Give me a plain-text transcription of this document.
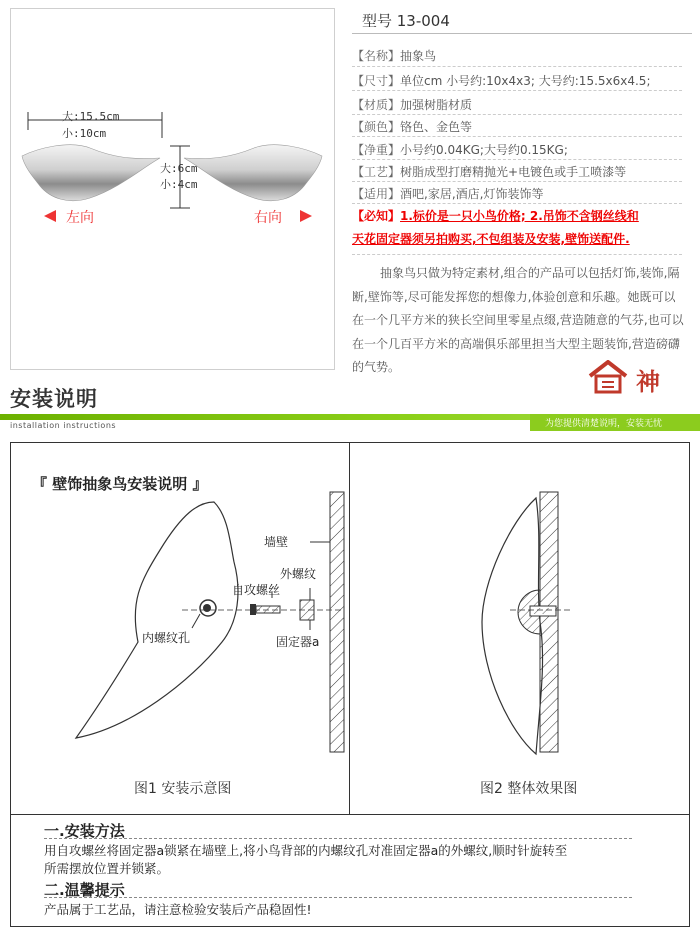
大:15.5cm
小:10cm
大:6cm
小:4cm
左向	右向
型号 13-004
【名称】抽象鸟
【尺寸】单位cm 小号约:10x4x3; 大号约:15.5x6x4.5;
【材质】加强树脂材质
【颜色】铬色、金色等
【净重】小号约0.04KG;大号约0.15KG;
【工艺】树脂成型打磨精抛光+电镀色或手工喷漆等
【适用】酒吧,家居,酒店,灯饰装饰等
【必知】1.标价是一只小鸟价格; 2.吊饰不含钢丝线和
天花固定器须另拍购买,不包组装及安装,壁饰送配件.
抽象鸟只做为特定素材,组合的产品可以包括灯饰,装饰,隔断,壁饰等,尽可能发挥您的想像力,体验创意和乐趣。她既可以在一个几平方米的狭长空间里零星点缀,营造随意的气芬,也可以在一个几百平方米的高端俱乐部里担当大型主题装饰,营造磅礴的气势。	神
安装说明
为您提供清楚说明，安装无忧
installation instructions
『 壁饰抽象鸟安装说明 』
墙壁
外螺纹
自攻螺丝
内螺纹孔	固定器a
图1 安装示意图	图2 整体效果图
一.安装方法
用自攻螺丝将固定器a锁紧在墙壁上,将小鸟背部的内螺纹孔对准固定器a的外螺纹,顺时针旋转至
所需摆放位置并锁紧。
二.温馨提示
产品属于工艺品，请注意检验安装后产品稳固性!
